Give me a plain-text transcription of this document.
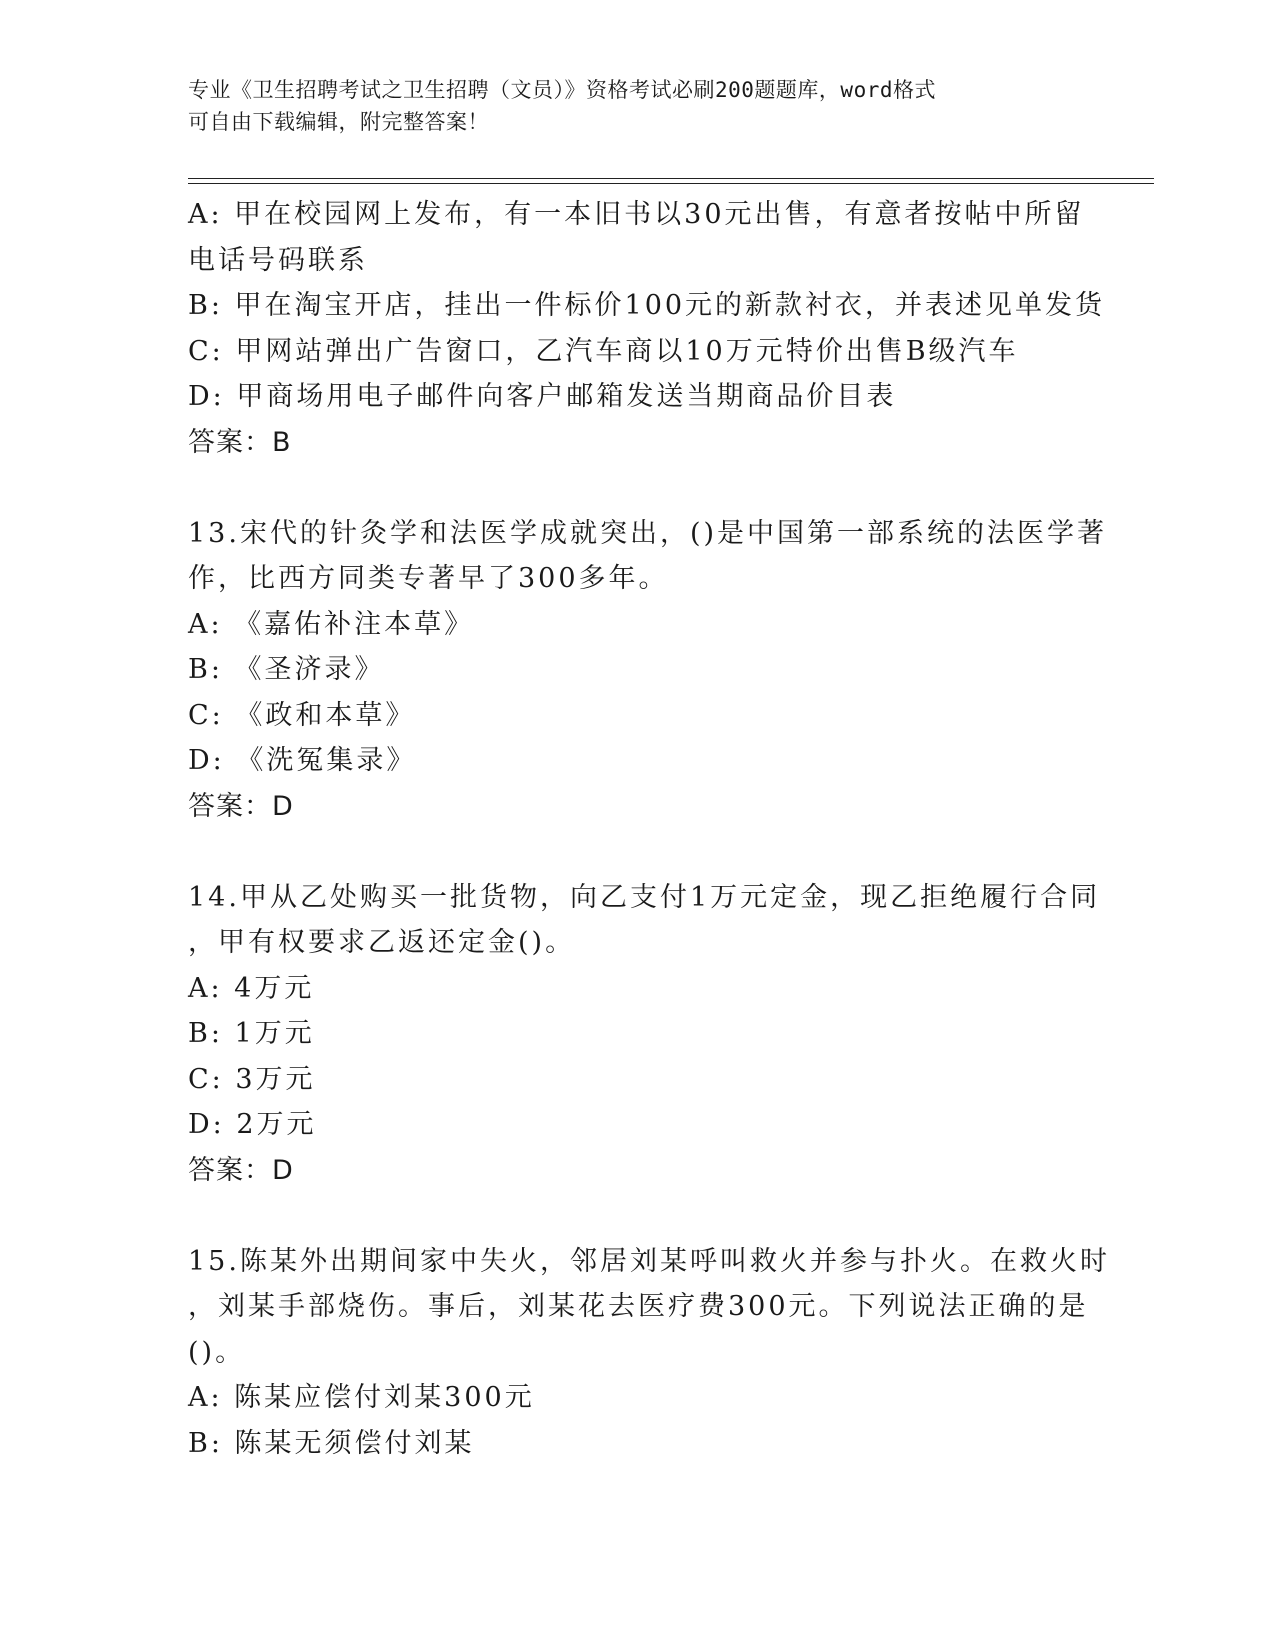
专业《卫生招聘考试之卫生招聘（文员）》资格考试必刷200题题库，word格式
可自由下载编辑，附完整答案！
A: 甲在校园网上发布，有一本旧书以30元出售，有意者按帖中所留
电话号码联系
B: 甲在淘宝开店，挂出一件标价100元的新款衬衣，并表述见单发货
C: 甲网站弹出广告窗口，乙汽车商以10万元特价出售B级汽车
D: 甲商场用电子邮件向客户邮箱发送当期商品价目表
答案：B
13.宋代的针灸学和法医学成就突出，()是中国第一部系统的法医学著
作，比西方同类专著早了300多年。
A: 《嘉佑补注本草》
B: 《圣济录》
C: 《政和本草》
D: 《洗冤集录》
答案：D
14.甲从乙处购买一批货物，向乙支付1万元定金，现乙拒绝履行合同
，甲有权要求乙返还定金()。
A: 4万元
B: 1万元
C: 3万元
D: 2万元
答案：D
15.陈某外出期间家中失火，邻居刘某呼叫救火并参与扑火。在救火时
，刘某手部烧伤。事后，刘某花去医疗费300元。下列说法正确的是
()。
A: 陈某应偿付刘某300元
B: 陈某无须偿付刘某
